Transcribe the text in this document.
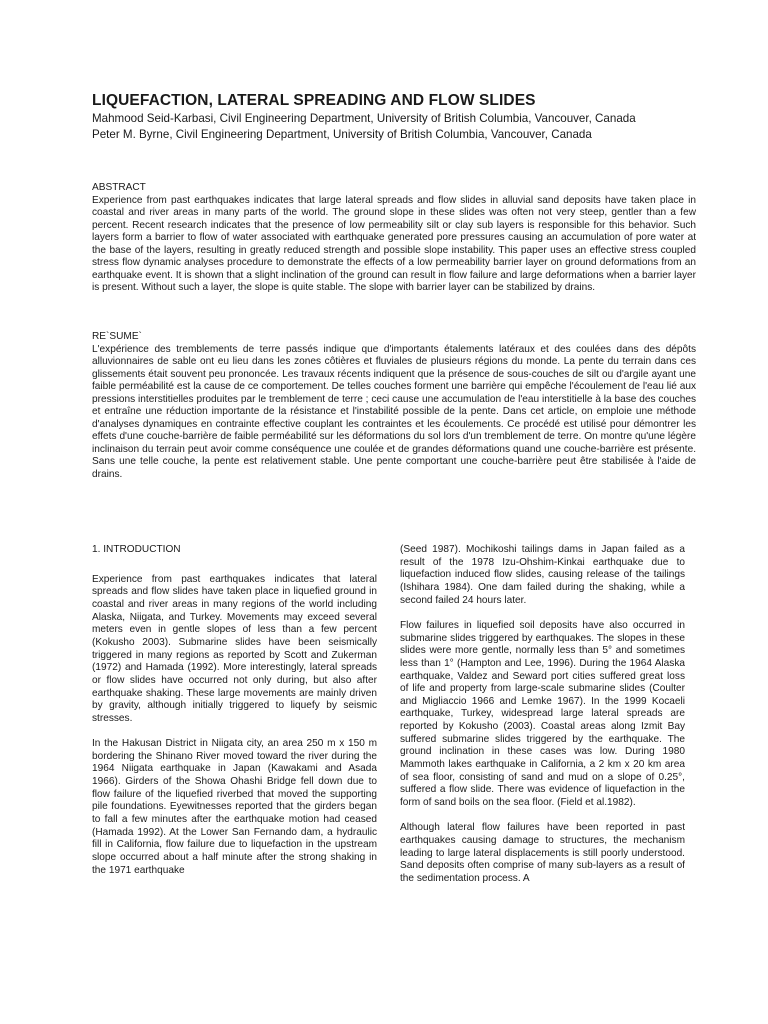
LIQUEFACTION, LATERAL SPREADING AND FLOW SLIDES
Mahmood Seid-Karbasi, Civil Engineering Department, University of British Columbia, Vancouver, Canada
Peter M. Byrne, Civil Engineering Department, University of British Columbia, Vancouver, Canada
ABSTRACT

Experience from past earthquakes indicates that large lateral spreads and flow slides in alluvial sand deposits have taken place in coastal and river areas in many parts of the world. The ground slope in these slides was often not very steep, gentler than a few percent. Recent research indicates that the presence of low permeability silt or clay sub layers is responsible for this behavior. Such layers form a barrier to flow of water associated with earthquake generated pore pressures causing an accumulation of pore water at the base of the layers, resulting in greatly reduced strength and possible slope instability. This paper uses an effective stress coupled stress flow dynamic analyses procedure to demonstrate the effects of a low permeability barrier layer on ground deformations from an earthquake event. It is shown that a slight inclination of the ground can result in flow failure and large deformations when a barrier layer is present. Without such a layer, the slope is quite stable. The slope with barrier layer can be stabilized by drains.

RE`SUME`

L'expérience des tremblements de terre passés indique que d'importants étalements latéraux et des coulées dans des dépôts alluvionnaires de sable ont eu lieu dans les zones côtières et fluviales de plusieurs régions du monde. La pente du terrain dans ces glissements était souvent peu prononcée. Les travaux récents indiquent que la présence de sous-couches de silt ou d'argile ayant une faible perméabilité est la cause de ce comportement. De telles couches forment une barrière qui empêche l'écoulement de l'eau lié aux pressions interstitielles produites par le tremblement de terre ; ceci cause une accumulation de l'eau interstitielle à la base des couches et entraîne une réduction importante de la résistance et l'instabilité possible de la pente. Dans cet article, on emploie une méthode d'analyses dynamiques en contrainte effective couplant les contraintes et les écoulements. Ce procédé est utilisé pour démontrer les effets d'une couche-barrière de faible perméabilité sur les déformations du sol lors d'un tremblement de terre. On montre qu'une légère inclinaison du terrain peut avoir comme conséquence une coulée et de grandes déformations quand une couche-barrière est présente. Sans une telle couche, la pente est relativement stable. Une pente comportant une couche-barrière peut être stabilisée à l'aide de drains.

1. INTRODUCTION

Experience from past earthquakes indicates that lateral spreads and flow slides have taken place in liquefied ground in coastal and river areas in many regions of the world including Alaska, Niigata, and Turkey. Movements may exceed several meters even in gentle slopes of less than a few percent (Kokusho 2003). Submarine slides have been seismically triggered in many regions as reported by Scott and Zukerman (1972) and Hamada (1992). More interestingly, lateral spreads or flow slides have occurred not only during, but also after earthquake shaking. These large movements are mainly driven by gravity, although initially triggered to liquefy by seismic stresses.

In the Hakusan District in Niigata city, an area 250 m x 150 m bordering the Shinano River moved toward the river during the 1964 Niigata earthquake in Japan (Kawakami and Asada 1966). Girders of the Showa Ohashi Bridge fell down due to flow failure of the liquefied riverbed that moved the supporting pile foundations. Eyewitnesses reported that the girders began to fall a few minutes after the earthquake motion had ceased (Hamada 1992). At the Lower San Fernando dam, a hydraulic fill in California, flow failure due to liquefaction in the upstream slope occurred about a half minute after the strong shaking in the 1971 earthquake

(Seed 1987). Mochikoshi tailings dams in Japan failed as a result of the 1978 Izu-Ohshim-Kinkai earthquake due to liquefaction induced flow slides, causing release of the tailings (Ishihara 1984). One dam failed during the shaking, while a second failed 24 hours later.

Flow failures in liquefied soil deposits have also occurred in submarine slides triggered by earthquakes. The slopes in these slides were more gentle, normally less than 5° and sometimes less than 1° (Hampton and Lee, 1996). During the 1964 Alaska earthquake, Valdez and Seward port cities suffered great loss of life and property from large-scale submarine slides (Coulter and Migliaccio 1966 and Lemke 1967). In the 1999 Kocaeli earthquake, Turkey, widespread large lateral spreads are reported by Kokusho (2003). Coastal areas along Izmit Bay suffered submarine slides triggered by the earthquake. The ground inclination in these cases was low. During 1980 Mammoth lakes earthquake in California, a 2 km x 20 km area of sea floor, consisting of sand and mud on a slope of 0.25°, suffered a flow slide. There was evidence of liquefaction in the form of sand boils on the sea floor. (Field et al.1982).

Although lateral flow failures have been reported in past earthquakes causing damage to structures, the mechanism leading to large lateral displacements is still poorly understood. Sand deposits often comprise of many sub-layers as a result of the sedimentation process. A
